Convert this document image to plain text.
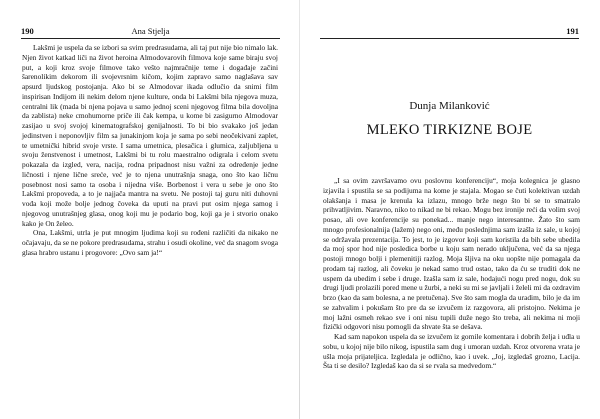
190	Ana Stjelja

Lakšmi je uspela da se izbori sa svim predrasudama, ali taj put nije bio nimalo lak. Njen život katkad liči na život heroina Almodovarovih filmova koje same biraju svoj put, a koji kroz svoje filmove tako vešto najmračnije teme i događaje začini šarenolikim dekorom ili svojevrsnim kičom, kojim zapravo samo naglašava sav apsurd ljudskog postojanja. Ako bi se Almodovar ikada odlučio da snimi film inspirisan Indijom ili nekim delom njene kulture, onda bi Lakšmi bila njegova muza, centralni lik (mada bi njena pojava u samo jednoj sceni njegovog filma bila dovoljna da zablista) neke cmohumorne priče ili čak kempa, u kome bi zasigurno Almodovar zasijao u svoj svojoj kinematografskoj genijalnosti. To bi bio svakako još jedan jedinstven i neponovljiv film sa junakinjom koja je sama po sebi neočekivani zaplet, te umetnički hibrid svoje vrste. I sama umetnica, plesačica i glumica, zaljubljena u svoju ženstvenost i umetnost, Lakšmi bi tu rolu maestralno odigrala i celom svetu pokazala da izgled, vera, nacija, rodna pripadnost nisu važni za određenje jedne ličnosti i njene lične sreće, već je to njena unutrašnja snaga, ono što kao ličnu posebnost nosi samo ta osoba i nijedna više. Borbenost i vera u sebe je ono što Lakšmi propoveda, a to je najjača mantra na svetu. Ne postoji taj guru niti duhovni vođa koji može bolje jednog čoveka da uputi na pravi put osim njega samog i njegovog unutrašnjeg glasa, onog koji mu je podario bog, koji ga je i stvorio onako kako je On želeo.

Ona, Lakšmi, utrla je put mnogim ljudima koji su rođeni različiti da nikako ne očajavaju, da se ne pokore predrasudama, strahu i osudi okoline, već da snagom svoga glasa hrabro ustanu i progovore: „Ovo sam ja!“

191
Dunja Milanković
MLEKO TIRKIZNE BOJE

„I sa ovim završavamo ovu poslovnu konferenciju“, moja kolegnica je glasno izjavila i spustila se sa podijuma na kome je stajala. Mogao se čuti kolektivan uzdah olakšanja i masa je krenula ka izlazu, mnogo brže nego što bi se to smatralo prihvatljivim. Naravno, niko to nikad ne bi rekao. Mogu bez ironije reći da volim svoj posao, ali ove konferencije su ponekad... manje nego interesantne. Žato što sam mnogo profesionalnija (lažem) nego oni, među poslednjima sam izašla iz sale, u kojoj se održavala prezentacija. To jest, to je izgovor koji sam koristila da bih sebe ubedila da moj spor hod nije posledica borbe u koju sam nerado uključena, već da sa njega postoji mnogo bolji i plemenitiji razlog. Moja šljiva na oku uopšte nije pomagala da prodam taj razlog, ali čoveku je nekad samo trud ostao, tako da ću se truditi dok ne uspem da ubedim i sebe i druge. Izašla sam iz sale, hodajući nogu pred nogu, dok su drugi ljudi prolazili pored mene u žurbi, a neki su mi se javljali i želeli mi da ozdravim brzo (kao da sam bolesna, a ne pretučena). Sve što sam mogla da uradim, bilo je da im se zahvalim i pokušam što pre da se izvučem iz razgovora, ali pristojno. Nekima je moj lažni osmeh rekao sve i oni nisu tupili duže nego što treba, ali nekima ni moji fizički odgovori nisu pomogli da shvate šta se dešava.

Kad sam napokon uspela da se izvučem iz gomile komentara i dobrih želja i uđla u sobu, u kojoj nije bilo nikog, ispustila sam dug i umoran uzdah. Kroz otvorena vrata je ušla moja prijateljica. Izgledala je odlično, kao i uvek. „Joj, izgledaš grozno, Lacija. Šta ti se desilo? Izgledaš kao da si se rvala sa medvedom.“
